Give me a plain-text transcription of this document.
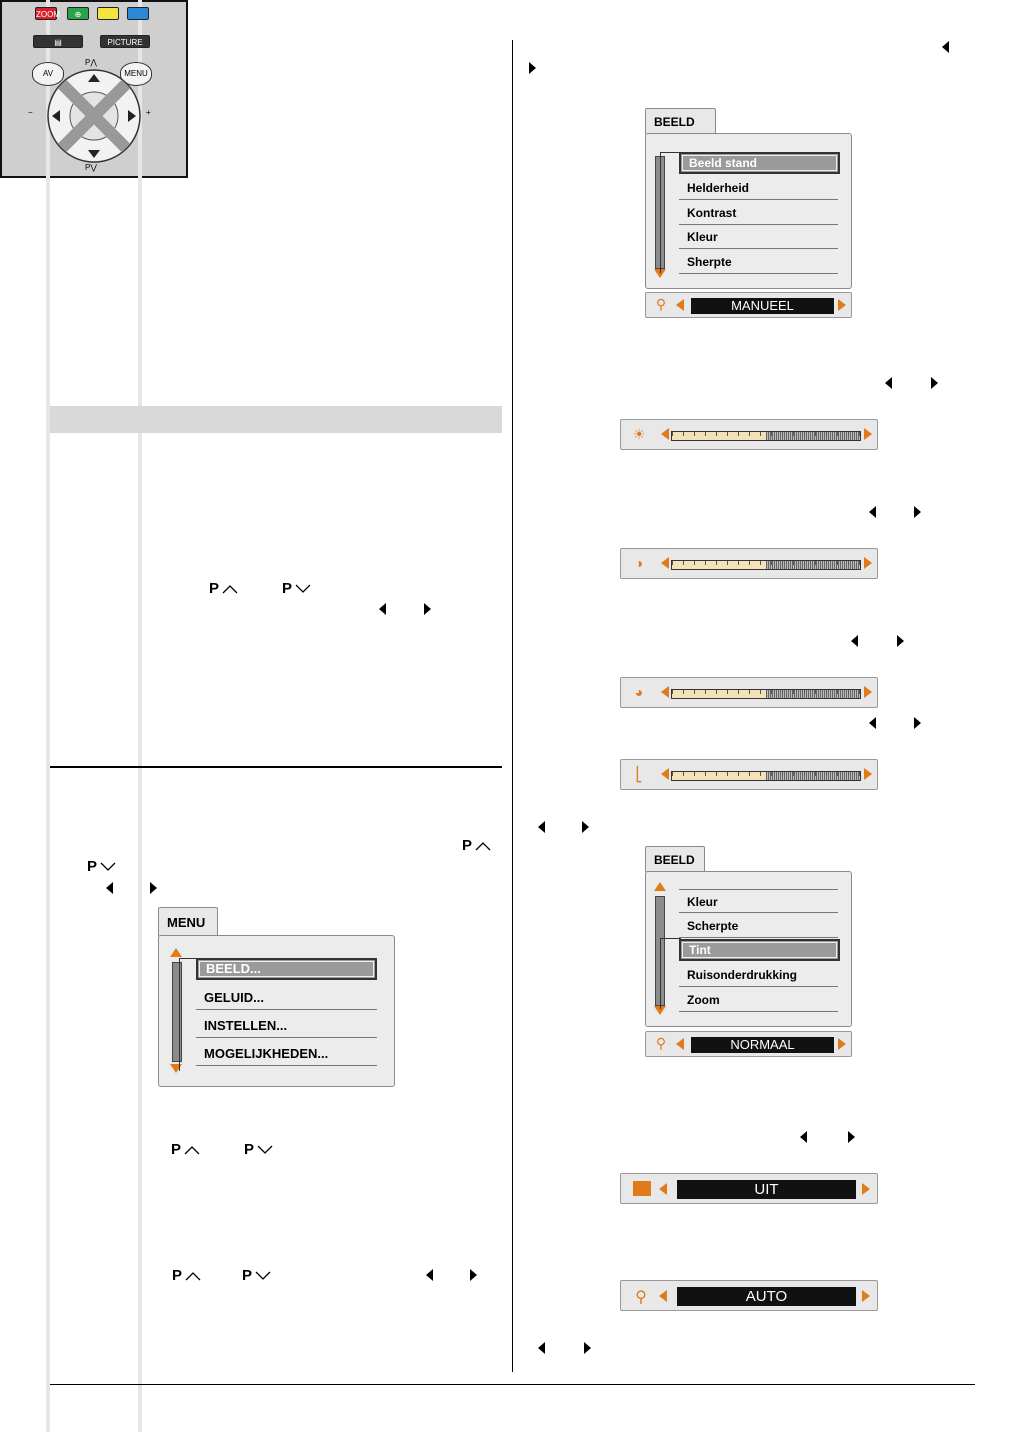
ZOOM	⊕
▤	PICTURE
P⋀
AV	MENU
−	+
P⋁
P	P
P
P
MENU
BEELD...
GELUID...
INSTELLEN...
MOGELIJKHEDEN...
P	P
P	P
BEELD
Beeld stand
Helderheid
Kontrast
Kleur
Sherpte
⚲	MANUEEL
☀
◑
◕
⎣
BEELD
Kleur
Scherpte
Tint
Ruisonderdrukking
Zoom
⚲	NORMAAL
UIT
⚲	AUTO
